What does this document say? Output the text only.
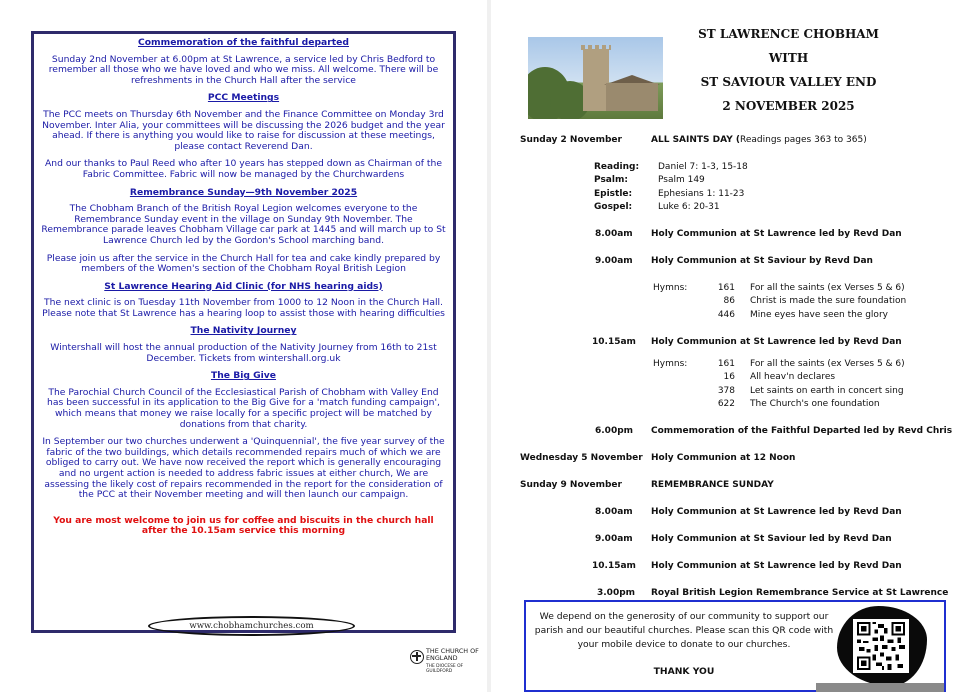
Commemoration of the faithful departed
Sunday 2nd November at 6.00pm at St Lawrence, a service led by Chris Bedford to remember all those who we have loved and who we miss. All welcome. There will be refreshments in the Church Hall after the service
PCC Meetings
The PCC meets on Thursday 6th November and the Finance Committee on Monday 3rd November. Inter Alia, your committees will be discussing the 2026 budget and the year ahead. If there is anything you would like to raise for discussion at these meetings, please contact Reverend Dan.
And our thanks to Paul Reed who after 10 years has stepped down as Chairman of the Fabric Committee. Fabric will now be managed by the Churchwardens
Remembrance Sunday—9th November 2025
The Chobham Branch of the British Royal Legion welcomes everyone to the Remembrance Sunday event in the village on Sunday 9th November. The Remembrance parade leaves Chobham Village car park at 1445 and will march up to St Lawrence Church led by the Gordon's School marching band.
Please join us after the service in the Church Hall for tea and cake kindly prepared by members of the Women's section of the Chobham Royal British Legion
St Lawrence Hearing Aid Clinic (for NHS hearing aids)
The next clinic is on Tuesday 11th November from 1000 to 12 Noon in the Church Hall. Please note that St Lawrence has a hearing loop to assist those with hearing difficulties
The Nativity Journey
Wintershall will host the annual production of the Nativity Journey from 16th to 21st December. Tickets from wintershall.org.uk
The Big Give
The Parochial Church Council of the Ecclesiastical Parish of Chobham with Valley End has been successful in its application to the Big Give for a 'match funding campaign', which means that money we raise locally for a specific project will be matched by donations from that charity.
In September our two churches underwent a 'Quinquennial', the five year survey of the fabric of the two buildings, which details recommended repairs much of which we are obliged to carry out. We have now received the report which is generally encouraging and no urgent action is needed to address fabric issues at either church, We are assessing the likely cost of repairs recommended in the report for the consideration of the PCC at their November meeting and will then launch our campaign.
You are most welcome to join us for coffee and biscuits in the church hall after the 10.15am service this morning
www.chobhamchurches.com
THE CHURCH OF ENGLAND
THE DIOCESE OF GUILDFORD
ST LAWRENCE CHOBHAM WITH
ST SAVIOUR VALLEY END
2 NOVEMBER 2025
Sunday 2 November	ALL SAINTS DAY (Readings pages 363 to 365)
Reading: Daniel 7: 1-3, 15-18
Psalm:	Psalm 149
Epistle:	Ephesians 1: 11-23
Gospel:	Luke 6: 20-31
8.00am Holy Communion at St Lawrence led by Revd Dan
9.00am Holy Communion at St Saviour by Revd Dan
Hymns:	161 For all the saints (ex Verses 5 & 6)
86 Christ is made the sure foundation
446 Mine eyes have seen the glory
10.15am Holy Communion at St Lawrence led by Revd Dan
Hymns:	161 For all the saints (ex Verses 5 & 6)
16 All heav'n declares
378 Let saints on earth in concert sing
622 The Church's one foundation
6.00pm Commemoration of the Faithful Departed led by Revd Chris
Wednesday 5 November Holy Communion at 12 Noon
Sunday 9 November	REMEMBRANCE SUNDAY
8.00am Holy Communion at St Lawrence led by Revd Dan
9.00am Holy Communion at St Saviour led by Revd Dan
10.15am Holy Communion at St Lawrence led by Revd Dan
3.00pm Royal British Legion Remembrance Service at St Lawrence
We depend on the generosity of our community to support our parish and our beautiful churches. Please scan this QR code with your mobile device to donate to our churches.
THANK YOU
